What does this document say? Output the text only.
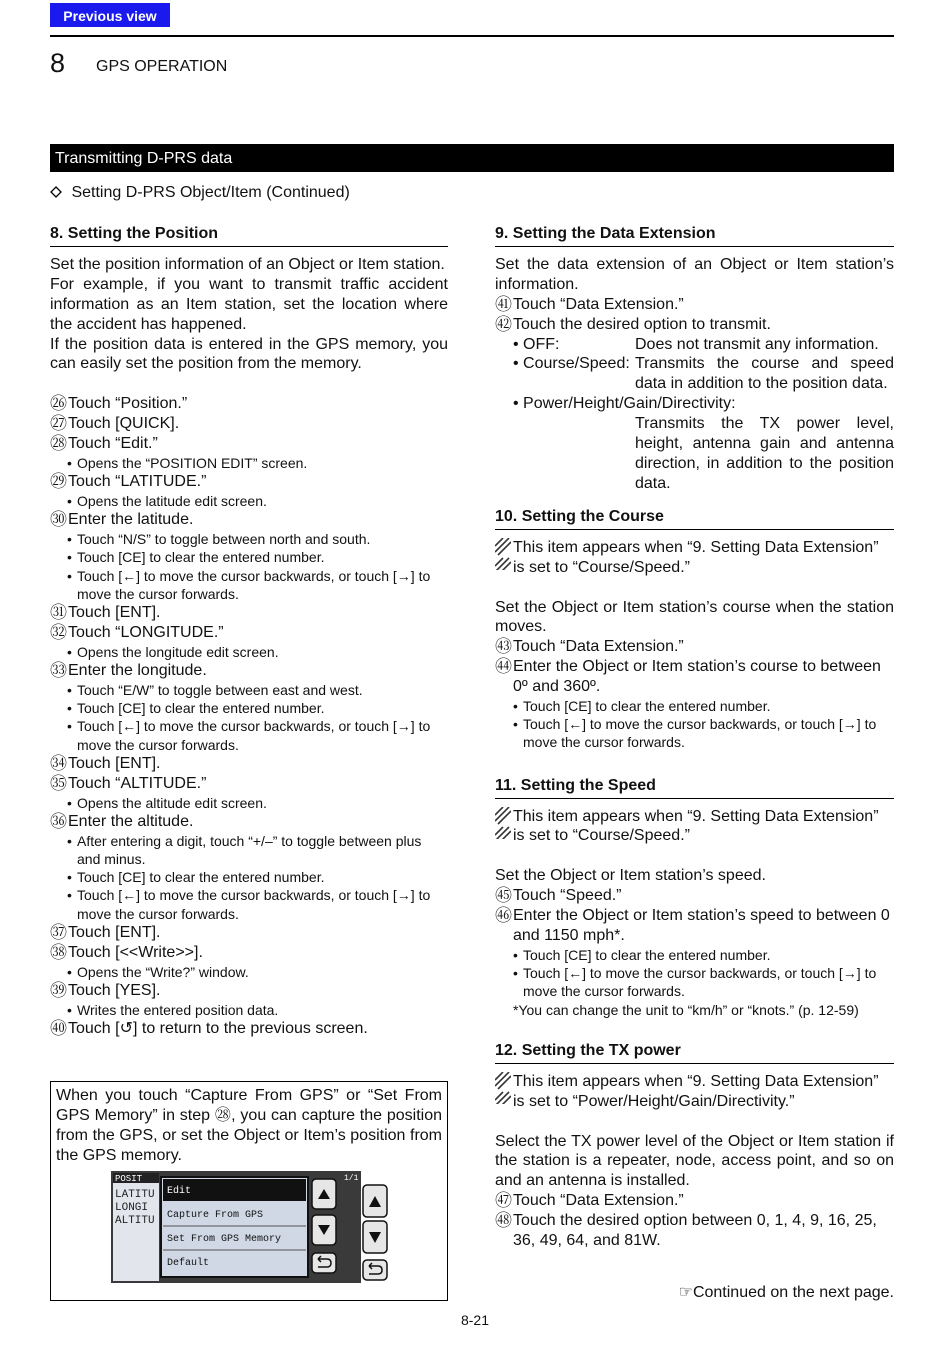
Previous view
8 GPS OPERATION
Transmitting D-PRS data
Setting D-PRS Object/Item (Continued)
8. Setting the Position
Set the position information of an Object or Item station.
For example, if you want to transmit traffic accident information as an Item station, set the location where the accident has happened.
If the position data is entered in the GPS memory, you can easily set the position from the memory.
㉖ Touch “Position.”
㉗ Touch [QUICK].
㉘ Touch “Edit.”
• Opens the “POSITION EDIT” screen.
㉙ Touch “LATITUDE.”
• Opens the latitude edit screen.
㉚ Enter the latitude.
• Touch “N/S” to toggle between north and south.
• Touch [CE] to clear the entered number.
• Touch [←] to move the cursor backwards, or touch [→] to move the cursor forwards.
㉛ Touch [ENT].
㉜ Touch “LONGITUDE.”
• Opens the longitude edit screen.
㉝ Enter the longitude.
• Touch “E/W” to toggle between east and west.
• Touch [CE] to clear the entered number.
• Touch [←] to move the cursor backwards, or touch [→] to move the cursor forwards.
㉞ Touch [ENT].
㉟ Touch “ALTITUDE.”
• Opens the altitude edit screen.
㊱ Enter the altitude.
• After entering a digit, touch “+/–” to toggle between plus and minus.
• Touch [CE] to clear the entered number.
• Touch [←] to move the cursor backwards, or touch [→] to move the cursor forwards.
㊲ Touch [ENT].
㊳ Touch [<<Write>>].
• Opens the “Write?” window.
㊴ Touch [YES].
• Writes the entered position data.
㊵ Touch [↺] to return to the previous screen.
When you touch “Capture From GPS” or “Set From GPS Memory” in step ㉘, you can capture the position from the GPS, or set the Object or Item’s position from the GPS memory.
POSIT
LATITU
LONGI
ALTITU
Edit
Capture From GPS
Set From GPS Memory
Default
1/1
9. Setting the Data Extension
Set the data extension of an Object or Item station’s information.
㊶ Touch “Data Extension.”
㊷ Touch the desired option to transmit.
• OFF:	Does not transmit any information.
• Course/Speed: Transmits the course and speed data in addition to the position data.
• Power/Height/Gain/Directivity:
Transmits the TX power level, height, antenna gain and antenna direction, in addition to the position data.
10. Setting the Course
This item appears when “9. Setting Data Extension” is set to “Course/Speed.”
Set the Object or Item station’s course when the station moves.
㊸ Touch “Data Extension.”
㊹ Enter the Object or Item station’s course to between 0º and 360º.
• Touch [CE] to clear the entered number.
• Touch [←] to move the cursor backwards, or touch [→] to move the cursor forwards.
11. Setting the Speed
This item appears when “9. Setting Data Extension” is set to “Course/Speed.”
Set the Object or Item station’s speed.
㊺ Touch “Speed.”
㊻ Enter the Object or Item station’s speed to between 0 and 1150 mph*.
• Touch [CE] to clear the entered number.
• Touch [←] to move the cursor backwards, or touch [→] to move the cursor forwards.
*You can change the unit to “km/h” or “knots.” (p. 12-59)
12. Setting the TX power
This item appears when “9. Setting Data Extension” is set to “Power/Height/Gain/Directivity.”
Select the TX power level of the Object or Item station if the station is a repeater, node, access point, and so on and an antenna is installed.
㊼ Touch “Data Extension.”
㊽ Touch the desired option between 0, 1, 4, 9, 16, 25, 36, 49, 64, and 81W.
☞Continued on the next page.
8-21
